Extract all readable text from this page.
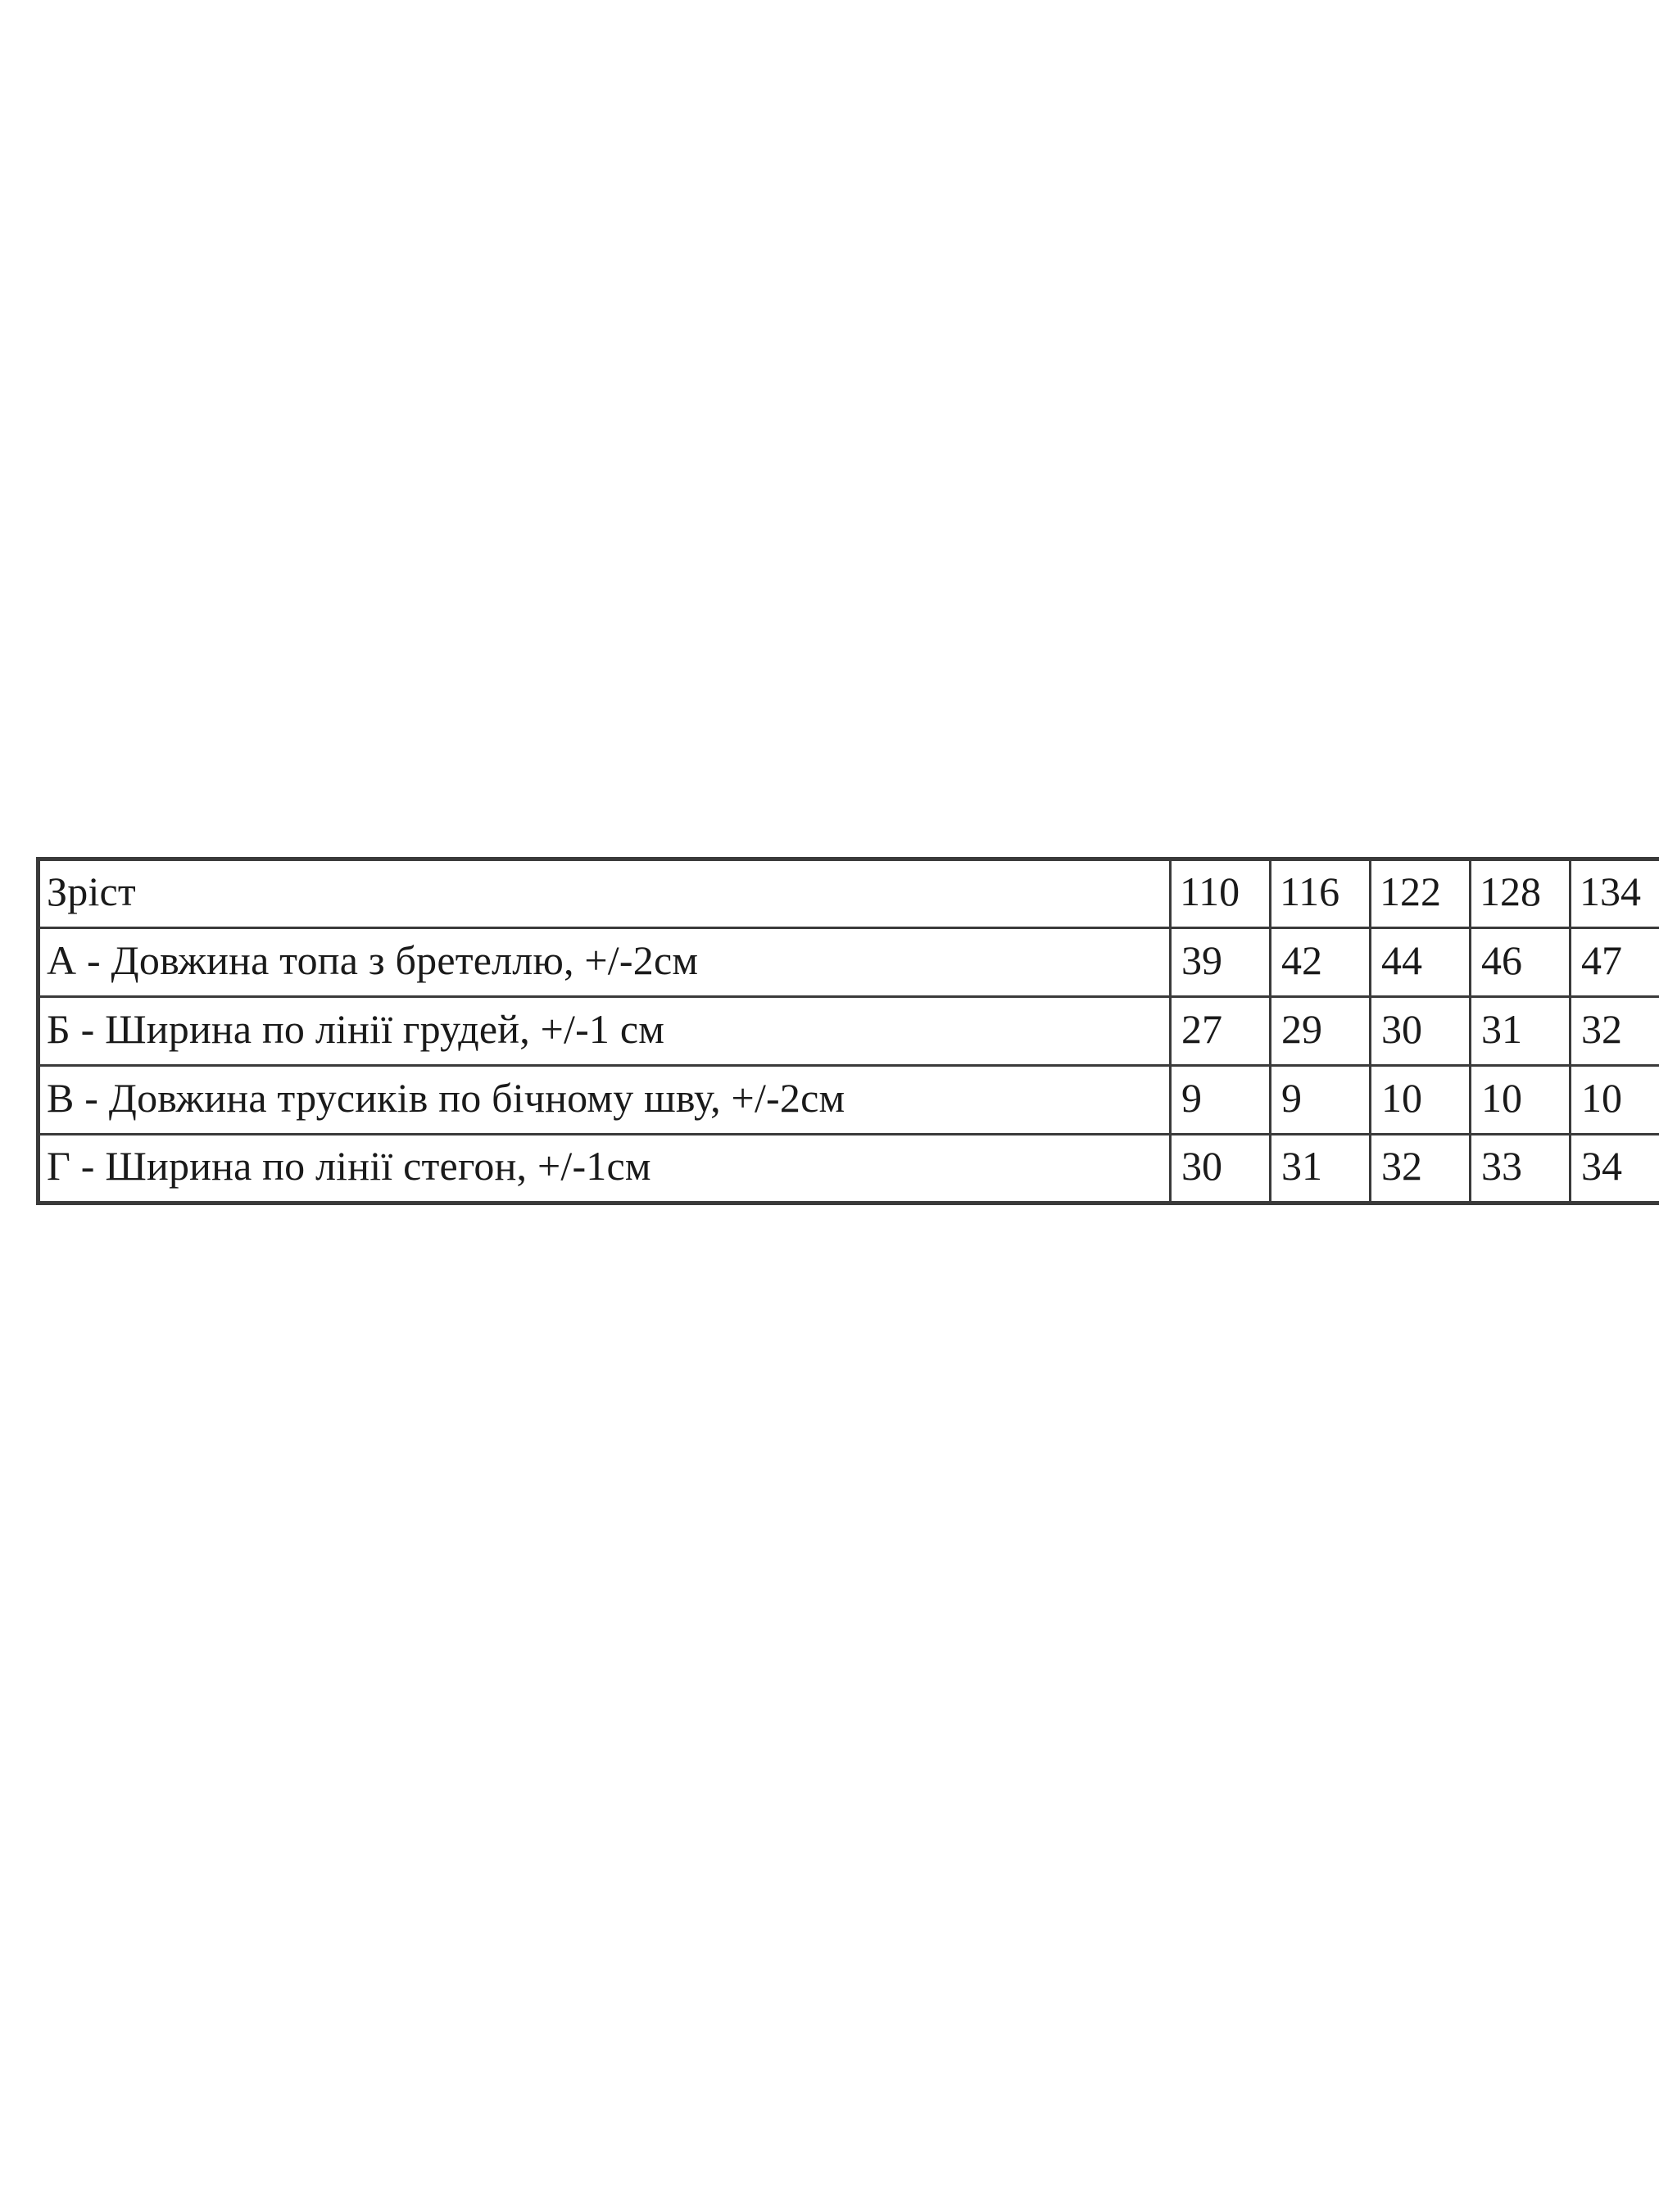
Зріст	110	116	122	128	134
А - Довжина топа з бретеллю, +/-2см	39	42	44	46	47
Б - Ширина по лінії грудей, +/-1 см	27	29	30	31	32
В - Довжина трусиків по бічному шву, +/-2см	9	9	10	10	10
Г - Ширина по лінії стегон, +/-1см	30	31	32	33	34
